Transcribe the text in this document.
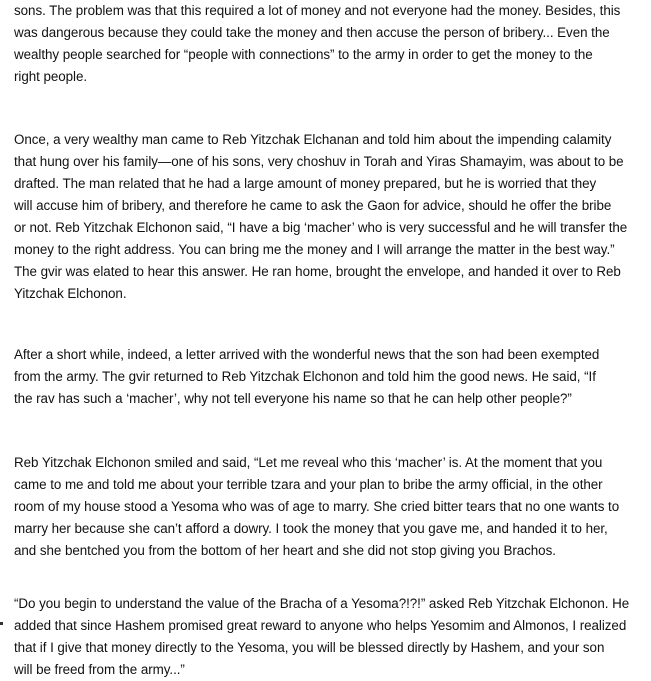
sons. The problem was that this required a lot of money and not everyone had the money. Besides, this
was dangerous because they could take the money and then accuse the person of bribery... Even the
wealthy people searched for “people with connections” to the army in order to get the money to the
right people.

Once, a very wealthy man came to Reb Yitzchak Elchanan and told him about the impending calamity
that hung over his family—one of his sons, very choshuv in Torah and Yiras Shamayim, was about to be
drafted. The man related that he had a large amount of money prepared, but he is worried that they
will accuse him of bribery, and therefore he came to ask the Gaon for advice, should he offer the bribe
or not. Reb Yitzchak Elchonon said, “I have a big ‘macher’ who is very successful and he will transfer the
money to the right address. You can bring me the money and I will arrange the matter in the best way.”
The gvir was elated to hear this answer. He ran home, brought the envelope, and handed it over to Reb
Yitzchak Elchonon.

After a short while, indeed, a letter arrived with the wonderful news that the son had been exempted
from the army. The gvir returned to Reb Yitzchak Elchonon and told him the good news. He said, “If
the rav has such a ‘macher’, why not tell everyone his name so that he can help other people?”

Reb Yitzchak Elchonon smiled and said, “Let me reveal who this ‘macher’ is. At the moment that you
came to me and told me about your terrible tzara and your plan to bribe the army official, in the other
room of my house stood a Yesoma who was of age to marry. She cried bitter tears that no one wants to
marry her because she can’t afford a dowry. I took the money that you gave me, and handed it to her,
and she bentched you from the bottom of her heart and she did not stop giving you Brachos.

“Do you begin to understand the value of the Bracha of a Yesoma?!?!” asked Reb Yitzchak Elchonon. He
added that since Hashem promised great reward to anyone who helps Yesomim and Almonos, I realized
that if I give that money directly to the Yesoma, you will be blessed directly by Hashem, and your son
will be freed from the army...”
